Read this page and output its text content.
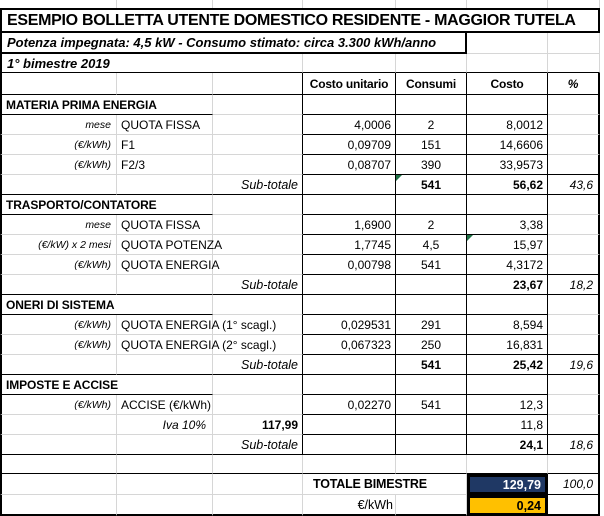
ESEMPIO BOLLETTA UTENTE DOMESTICO RESIDENTE - MAGGIOR TUTELA						
Potenza impegnata: 4,5 kW - Consumo stimato: circa 3.300 kWh/anno						
1° bimestre 2019						
			Costo unitario	Consumi	Costo	%
MATERIA PRIMA ENERGIA						
mese	QUOTA FISSA		4,0006	2	8,0012	
(€/kWh)	F1		0,09709	151	14,6606	
(€/kWh)	F2/3		0,08707	390	33,9573	
		Sub-totale		541	56,62	43,6
TRASPORTO/CONTATORE						
mese	QUOTA FISSA		1,6900	2	3,38	
(€/kW) x 2 mesi	QUOTA POTENZA		1,7745	4,5	15,97	
(€/kWh)	QUOTA ENERGIA		0,00798	541	4,3172	
		Sub-totale			23,67	18,2
ONERI DI SISTEMA						
(€/kWh)	QUOTA ENERGIA (1° scagl.)		0,029531	291	8,594	
(€/kWh)	QUOTA ENERGIA (2° scagl.)		0,067323	250	16,831	
		Sub-totale		541	25,42	19,6
IMPOSTE E ACCISE						
(€/kWh)	ACCISE (€/kWh)		0,02270	541	12,3	
	Iva 10%	117,99			11,8	
		Sub-totale			24,1	18,6

			TOTALE BIMESTRE		129,79	100,0
			€/kWh		0,24	
